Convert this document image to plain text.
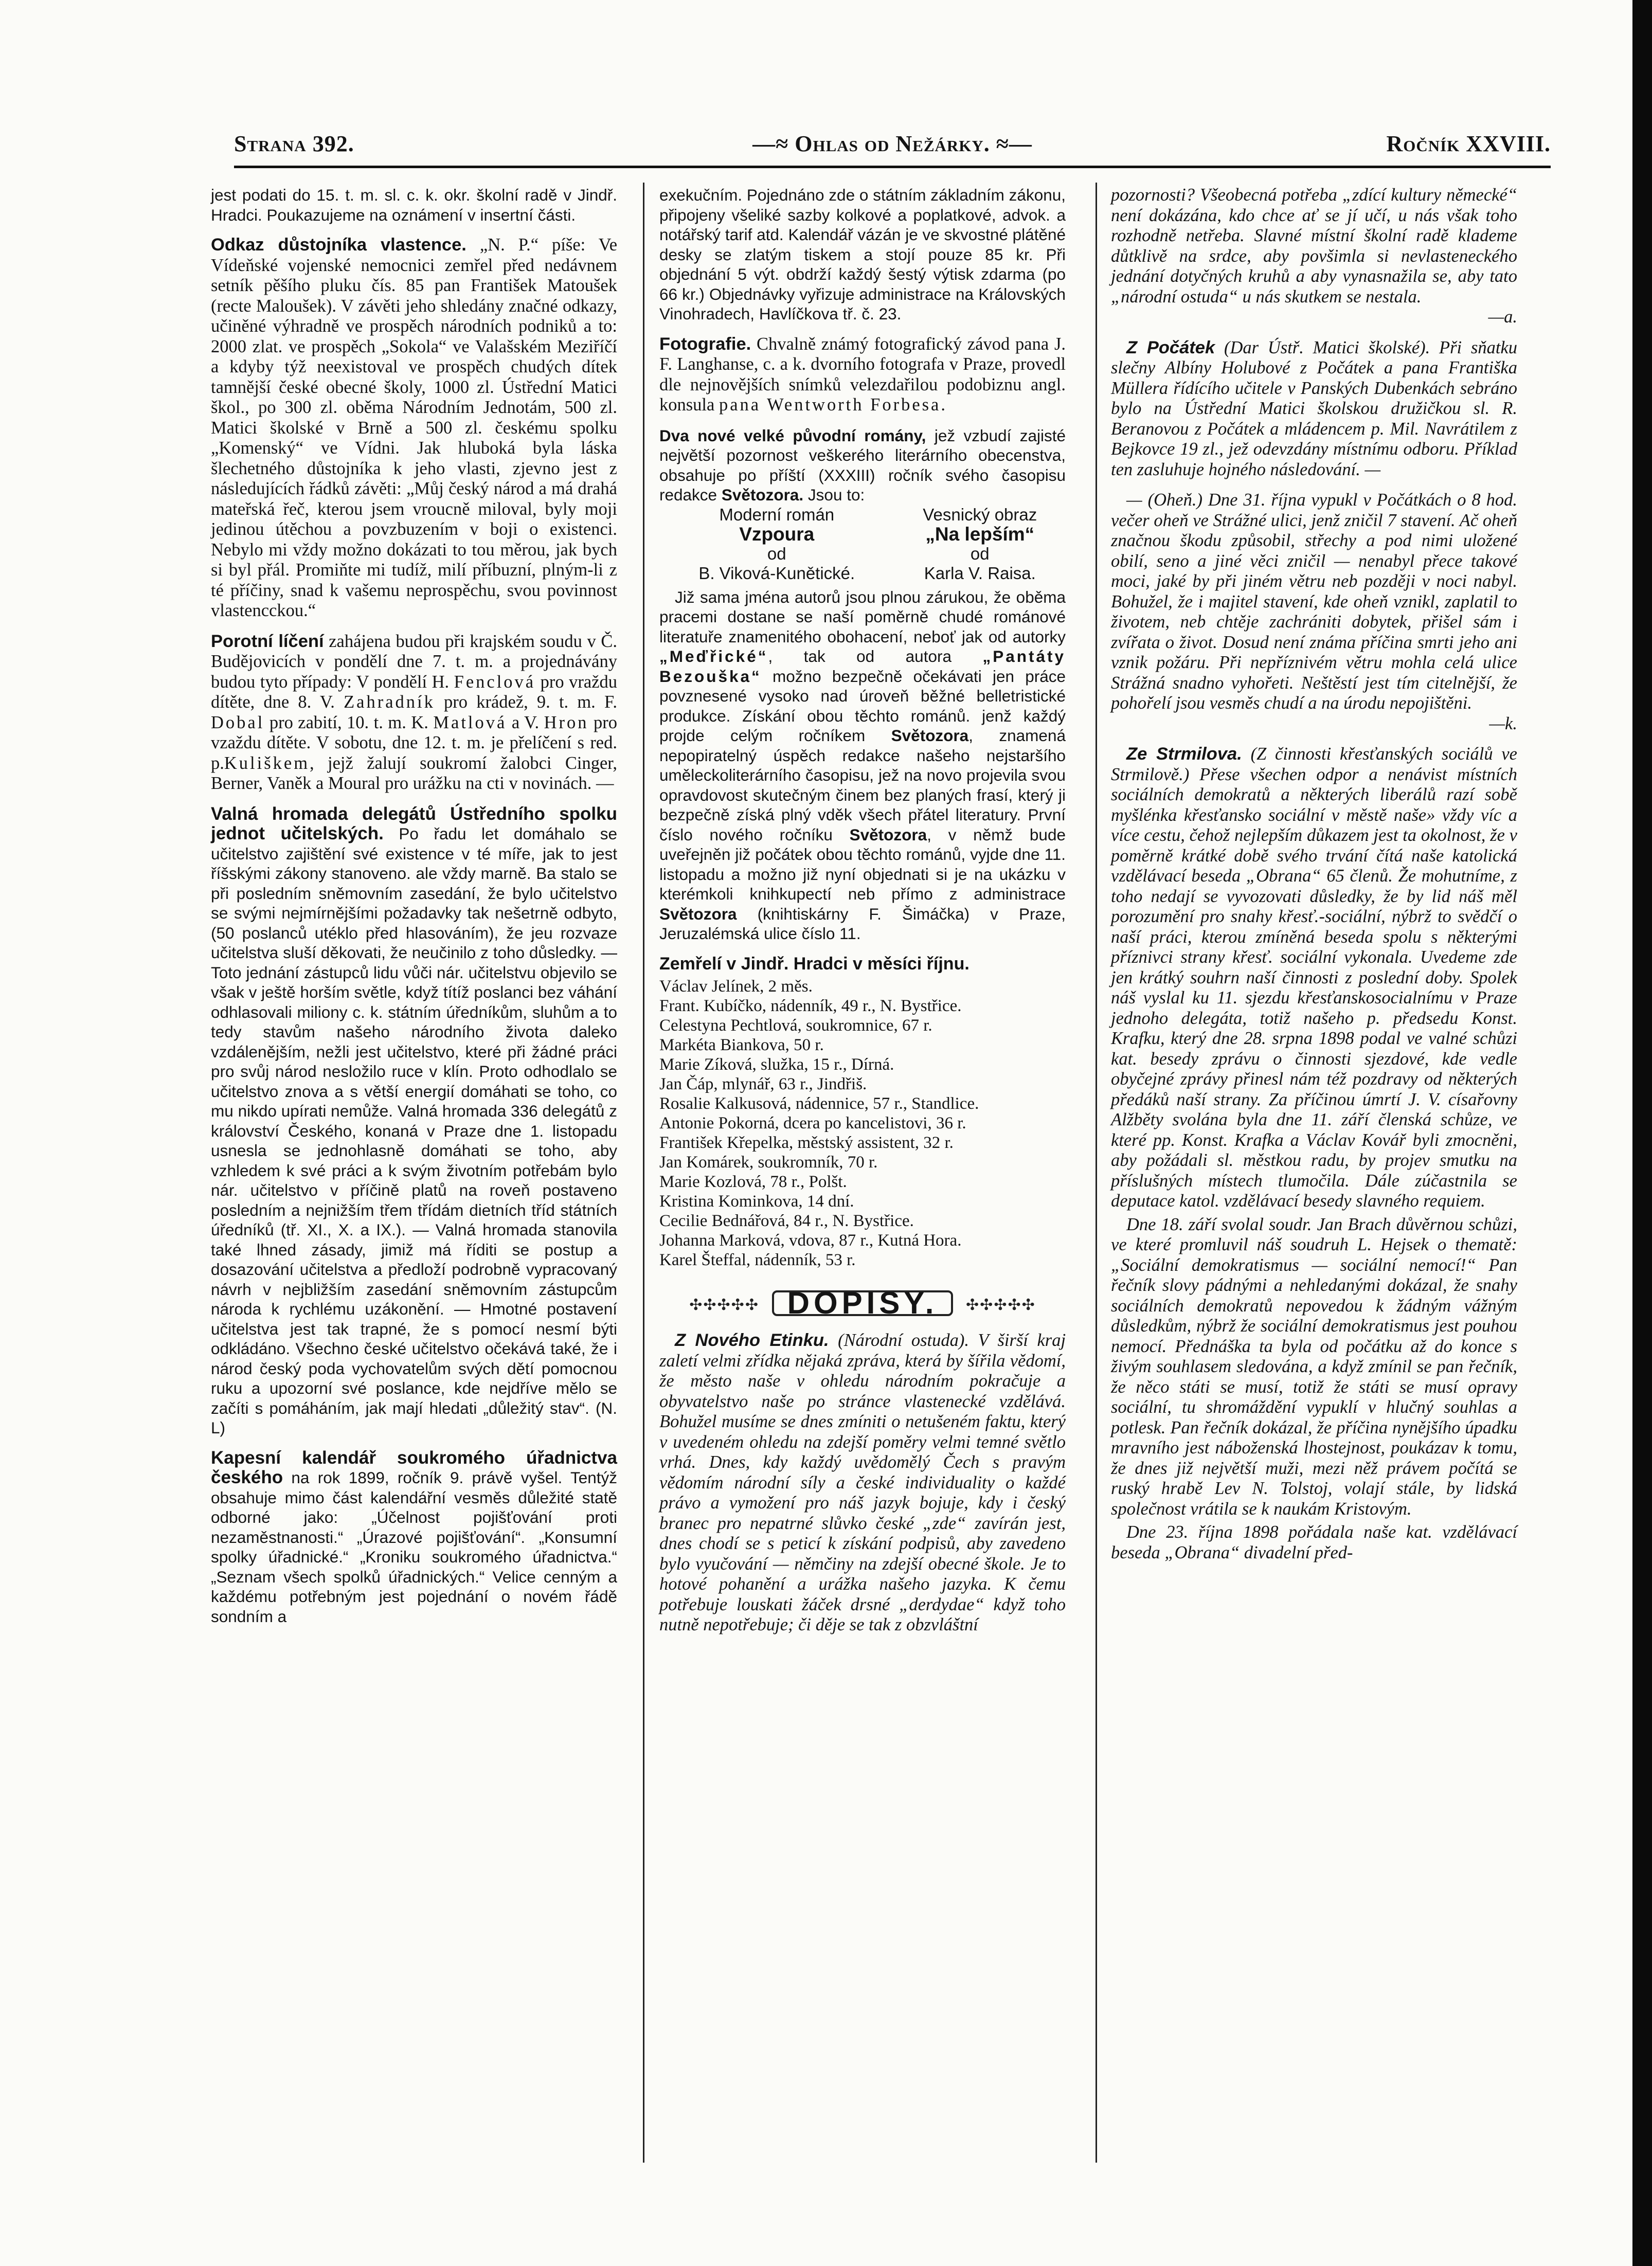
Strana 392.	—≈ Ohlas od Nežárky. ≈—	Ročník XXVIII.

jest podati do 15. t. m. sl. c. k. okr. školní radě v Jindř. Hradci. Poukazujeme na oznámení v insertní části.

Odkaz důstojníka vlastence. „N. P.“ píše: Ve Vídeňské vojenské nemocnici zemřel před nedávnem setník pěšího pluku čís. 85 pan František Matoušek (recte Maloušek). V závěti jeho shledány značné odkazy, učiněné výhradně ve prospěch národních podniků a to: 2000 zlat. ve prospěch „Sokola“ ve Valašském Meziříčí a kdyby týž neexistoval ve prospěch chudých dítek tamnější české obecné školy, 1000 zl. Ústřední Matici škol., po 300 zl. oběma Národním Jednotám, 500 zl. Matici školské v Brně a 500 zl. českému spolku „Komenský“ ve Vídni. Jak hluboká byla láska šlechetného důstojníka k jeho vlasti, zjevno jest z následujících řádků závěti: „Můj český národ a má drahá mateřská řeč, kterou jsem vroucně miloval, byly moji jedinou útěchou a povzbuzením v boji o existenci. Nebylo mi vždy možno dokázati to tou měrou, jak bych si byl přál. Promiňte mi tudíž, milí příbuzní, plným-li z té příčiny, snad k vašemu neprospěchu, svou povinnost vlastencckou.“

Porotní líčení zahájena budou při krajském soudu v Č. Budějovicích v pondělí dne 7. t. m. a projednávány budou tyto případy: V pondělí H. Fenclová pro vraždu dítěte, dne 8. V. Zahradník pro krádež, 9. t. m. F. Dobal pro zabití, 10. t. m. K. Matlová a V. Hron pro vzaždu dítěte. V sobotu, dne 12. t. m. je přelíčení s red. p.Kuliškem, jejž žalují soukromí žalobci Cinger, Berner, Vaněk a Moural pro urážku na cti v novinách. —

Valná hromada delegátů Ústředního spolku jednot učitelských. Po řadu let domáhalo se učitelstvo zajištění své existence v té míře, jak to jest říšskými zákony stanoveno. ale vždy marně. Ba stalo se při posledním sněmovním zasedání, že bylo učitelstvo se svými nejmírnějšími požadavky tak nešetrně odbyto, (50 poslanců utéklo před hlasováním), že jeu rozvaze učitelstva sluší děkovati, že neučinilo z toho důsledky. — Toto jednání zástupců lidu vůči nár. učitelstvu objevilo se však v ještě horším světle, když títíž poslanci bez váhání odhlasovali miliony c. k. státním úředníkům, sluhům a to tedy stavům našeho národního života daleko vzdálenějším, nežli jest učitelstvo, které při žádné práci pro svůj národ nesložilo ruce v klín. Proto odhodlalo se učitelstvo znova a s větší energií domáhati se toho, co mu nikdo upírati nemůže. Valná hromada 336 delegátů z království Českého, konaná v Praze dne 1. listopadu usnesla se jednohlasně domáhati se toho, aby vzhledem k své práci a k svým životním potřebám bylo nár. učitelstvo v příčině platů na roveň postaveno posledním a nejnižším třem třídám dietních tříd státních úředníků (tř. XI., X. a IX.). — Valná hromada stanovila také lhned zásady, jimiž má říditi se postup a dosazování učitelstva a předloží podrobně vypracovaný návrh v nejbližším zasedání sněmovním zástupcům národa k rychlému uzákonění. — Hmotné postavení učitelstva jest tak trapné, že s pomocí nesmí býti odkládáno. Všechno české učitelstvo očekává také, že i národ český poda vychovatelům svých dětí pomocnou ruku a upozorní své poslance, kde nejdříve mělo se začíti s pomáháním, jak mají hledati „důležitý stav“. (N. L)

Kapesní kalendář soukromého úřadnictva českého na rok 1899, ročník 9. právě vyšel. Tentýž obsahuje mimo část kalendářní vesměs důležité statě odborné jako: „Účelnost pojišťování proti nezaměstnanosti.“ „Úrazové pojišťování“. „Konsumní spolky úřadnické.“ „Kroniku soukromého úřadnictva.“ „Seznam všech spolků úřadnických.“ Velice cenným a každému potřebným jest pojednání o novém řádě sondním a

exekučním. Pojednáno zde o státním základním zákonu, připojeny všeliké sazby kolkové a poplatkové, advok. a notářský tarif atd. Kalendář vázán je ve skvostné plátěné desky se zlatým tiskem a stojí pouze 85 kr. Při objednání 5 výt. obdrží každý šestý výtisk zdarma (po 66 kr.) Objednávky vyřizuje administrace na Královských Vinohradech, Havlíčkova tř. č. 23.

Fotografie. Chvalně známý fotografický závod pana J. F. Langhanse, c. a k. dvorního fotografa v Praze, provedl dle nejnovějších snímků velezdařilou podobiznu angl. konsula pana Wentworth Forbesa.

Dva nové velké původní romány, jež vzbudí zajisté největší pozornost veškerého literárního obecenstva, obsahuje po příští (XXXIII) ročník svého časopisu redakce Světozora. Jsou to:

Moderní román	Vesnický obraz
Vzpoura	„Na lepším“
od	od
B. Viková-Kunětické.	Karla V. Raisa.

Již sama jména autorů jsou plnou zárukou, že oběma pracemi dostane se naší poměrně chudé románové literatuře znamenitého obohacení, neboť jak od autorky „Meďřické“, tak od autora „Pantáty Bezouška“ možno bezpečně očekávati jen práce povznesené vysoko nad úroveň běžné belletristické produkce. Získání obou těchto románů. jenž každý projde celým ročníkem Světozora, znamená nepopiratelný úspěch redakce našeho nejstaršího uměleckoliterárního časopisu, jež na novo projevila svou opravdovost skutečným činem bez planých frasí, který ji bezpečně získá plný vděk všech přátel literatury. První číslo nového ročníku Světozora, v němž bude uveřejněn již počátek obou těchto románů, vyjde dne 11. listopadu a možno již nyní objednati si je na ukázku v kterémkoli knihkupectí neb přímo z administrace Světozora (knihtiskárny F. Šimáčka) v Praze, Jeruzalémská ulice číslo 11.

Zemřelí v Jindř. Hradci v měsíci říjnu.

Václav Jelínek, 2 měs.

Frant. Kubíčko, nádenník, 49 r., N. Bystřice.

Celestyna Pechtlová, soukromnice, 67 r.

Markéta Biankova, 50 r.

Marie Zíková, služka, 15 r., Dírná.

Jan Čáp, mlynář, 63 r., Jindřiš.

Rosalie Kalkusová, nádennice, 57 r., Standlice.

Antonie Pokorná, dcera po kancelistovi, 36 r.

František Křepelka, městský assistent, 32 r.

Jan Komárek, soukromník, 70 r.

Marie Kozlová, 78 r., Polšt.

Kristina Kominkova, 14 dní.

Cecilie Bednářová, 84 r., N. Bystřice.

Johanna Marková, vdova, 87 r., Kutná Hora.

Karel Šteffal, nádenník, 53 r.

✣✣✣✣✣ DOPISY. ✣✣✣✣✣

Z Nového Etinku. (Národní ostuda). V širší kraj zaletí velmi zřídka nějaká zpráva, která by šířila vědomí, že město naše v ohledu národním pokračuje a obyvatelstvo naše po stránce vlastenecké vzdělává. Bohužel musíme se dnes zmíniti o netušeném faktu, který v uvedeném ohledu na zdejší poměry velmi temné světlo vrhá. Dnes, kdy každý uvědomělý Čech s pravým vědomím národní síly a české individuality o každé právo a vymožení pro náš jazyk bojuje, kdy i český branec pro nepatrné slůvko české „zde“ zavírán jest, dnes chodí se s peticí k získání podpisů, aby zavedeno bylo vyučování — němčiny na zdejší obecné škole. Je to hotové pohanění a urážka našeho jazyka. K čemu potřebuje louskati žáček drsné „derdydae“ když toho nutně nepotřebuje; či děje se tak z obzvláštní

pozornosti? Všeobecná potřeba „zdící kultury německé“ není dokázána, kdo chce ať se jí učí, u nás však toho rozhodně netřeba. Slavné místní školní radě klademe důtklivě na srdce, aby povšimla si nevlasteneckého jednání dotyčných kruhů a aby vynasnažila se, aby tato „národní ostuda“ u nás skutkem se nestala.

—a.

Z Počátek (Dar Ústř. Matici školské). Při sňatku slečny Albíny Holubové z Počátek a pana Františka Müllera řídícího učitele v Panských Dubenkách sebráno bylo na Ústřední Matici školskou družičkou sl. R. Beranovou z Počátek a mládencem p. Mil. Navrátilem z Bejkovce 19 zl., jež odevzdány místnímu odboru. Příklad ten zasluhuje hojného následování. —

— (Oheň.) Dne 31. října vypukl v Počátkách o 8 hod. večer oheň ve Strážné ulici, jenž zničil 7 stavení. Ač oheň značnou škodu způsobil, střechy a pod nimi uložené obilí, seno a jiné věci zničil — nenabyl přece takové moci, jaké by při jiném větru neb později v noci nabyl. Bohužel, že i majitel stavení, kde oheň vznikl, zaplatil to životem, neb chtěje zachrániti dobytek, přišel sám i zvířata o život. Dosud není známa příčina smrti jeho ani vznik požáru. Při nepříznivém větru mohla celá ulice Strážná snadno vyhořeti. Neštěstí jest tím citelnější, že pohořelí jsou vesměs chudí a na úrodu nepojištěni.

—k.

Ze Strmilova. (Z činnosti křesťanských sociálů ve Strmilově.) Přese všechen odpor a nenávist místních sociálních demokratů a některých liberálů razí sobě myšlénka křesťansko sociální v městě naše» vždy víc a více cestu, čehož nejlepším důkazem jest ta okolnost, že v poměrně krátké době svého trvání čítá naše katolická vzdělávací beseda „Obrana“ 65 členů. Že mohutníme, z toho nedají se vyvozovati důsledky, že by lid náš měl porozumění pro snahy křesť.-sociální, nýbrž to svědčí o naší práci, kterou zmíněná beseda spolu s některými příznivci strany křesť. sociální vykonala. Uvedeme zde jen krátký souhrn naší činnosti z poslední doby. Spolek náš vyslal ku 11. sjezdu křesťanskosocialnímu v Praze jednoho delegáta, totiž našeho p. předsedu Konst. Krafku, který dne 28. srpna 1898 podal ve valné schůzi kat. besedy zprávu o činnosti sjezdové, kde vedle obyčejné zprávy přinesl nám též pozdravy od některých předáků naší strany. Za příčinou úmrtí J. V. císařovny Alžběty svolána byla dne 11. září členská schůze, ve které pp. Konst. Krafka a Václav Kovář byli zmocněni, aby požádali sl. městkou radu, by projev smutku na příslušných místech tlumočila. Dále zúčastnila se deputace katol. vzdělávací besedy slavného requiem.

Dne 18. září svolal soudr. Jan Brach důvěrnou schůzi, ve které promluvil náš soudruh L. Hejsek o thematě: „Sociální demokratismus — sociální nemocí!“ Pan řečník slovy pádnými a nehledanými dokázal, že snahy sociálních demokratů nepovedou k žádným vážným důsledkům, nýbrž že sociální demokratismus jest pouhou nemocí. Přednáška ta byla od počátku až do konce s živým souhlasem sledována, a když zmínil se pan řečník, že něco státi se musí, totiž že státi se musí opravy sociální, tu shromáždění vypuklí v hlučný souhlas a potlesk. Pan řečník dokázal, že příčina nynějšího úpadku mravního jest náboženská lhostejnost, poukázav k tomu, že dnes již největší muži, mezi něž právem počítá se ruský hrabě Lev N. Tolstoj, volají stále, by lidská společnost vrátila se k naukám Kristovým.

Dne 23. října 1898 pořádala naše kat. vzdělávací beseda „Obrana“ divadelní před-
